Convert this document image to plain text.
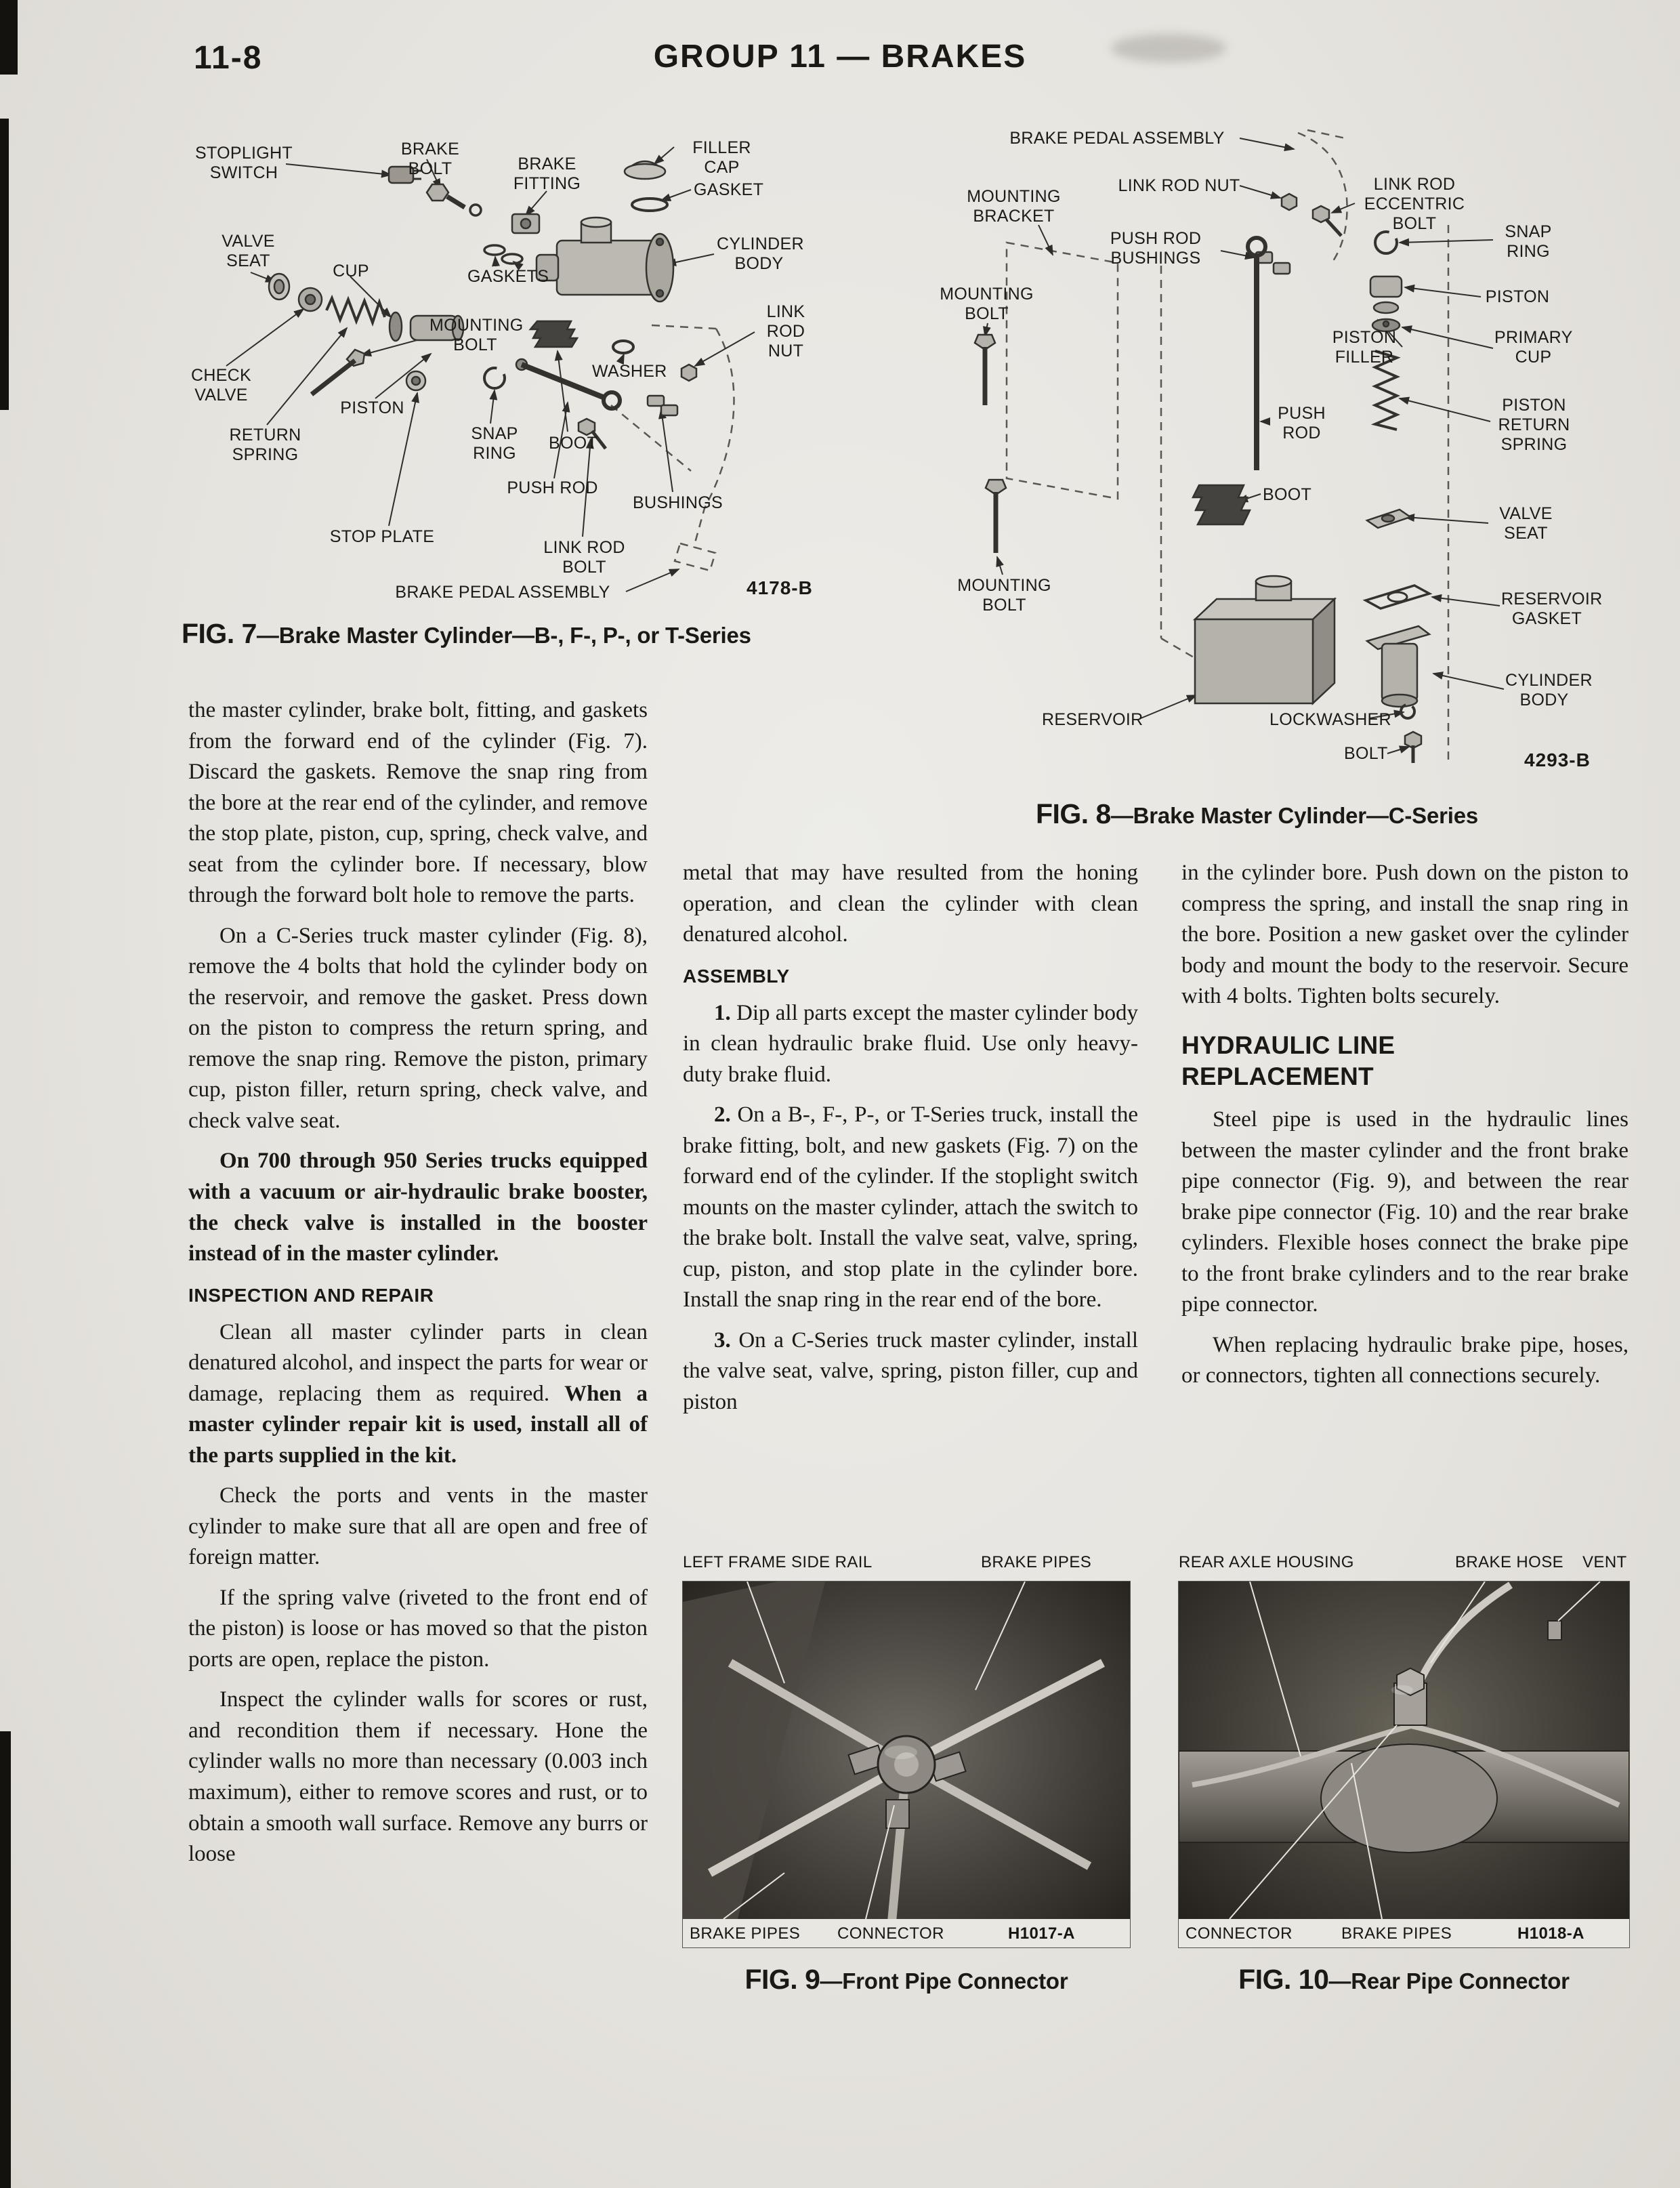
11-8	GROUP 11 — BRAKES
STOPLIGHT SWITCH
BRAKE BOLT	BRAKE FITTING
FILLER CAP
GASKET
VALVE SEAT
CUP	GASKETS
CYLINDER BODY
MOUNTING BOLT
LINK ROD NUT
CHECK VALVE
WASHER
RETURN SPRING
PISTON
SNAP RING
BOOT
PUSH ROD
BUSHINGS
STOP PLATE
LINK ROD BOLT
BRAKE PEDAL ASSEMBLY	4178-B
FIG. 7—Brake Master Cylinder—B-, F-, P-, or T-Series
BRAKE PEDAL ASSEMBLY
LINK ROD NUT	LINK ROD ECCENTRIC BOLT
MOUNTING BRACKET
PUSH ROD BUSHINGS
SNAP RING
MOUNTING BOLT
PISTON
PISTON FILLER
PRIMARY CUP
PISTON RETURN SPRING
PUSH ROD
BOOT
VALVE SEAT
MOUNTING BOLT	RESERVOIR GASKET
CYLINDER BODY
RESERVOIR	LOCKWASHER
BOLT	4293-B
FIG. 8—Brake Master Cylinder—C-Series

the master cylinder, brake bolt, fitting, and gaskets from the forward end of the cylinder (Fig. 7). Discard the gaskets. Remove the snap ring from the bore at the rear end of the cylinder, and remove the stop plate, piston, cup, spring, check valve, and seat from the cylinder bore. If necessary, blow through the forward bolt hole to remove the parts.

On a C-Series truck master cylinder (Fig. 8), remove the 4 bolts that hold the cylinder body on the reservoir, and remove the gasket. Press down on the piston to compress the return spring, and remove the snap ring. Remove the piston, primary cup, piston filler, return spring, check valve, and check valve seat.

On 700 through 950 Series trucks equipped with a vacuum or air-hydraulic brake booster, the check valve is installed in the booster instead of in the master cylinder.

INSPECTION AND REPAIR

Clean all master cylinder parts in clean denatured alcohol, and inspect the parts for wear or damage, replacing them as required. When a master cylinder repair kit is used, install all of the parts supplied in the kit.

Check the ports and vents in the master cylinder to make sure that all are open and free of foreign matter.

If the spring valve (riveted to the front end of the piston) is loose or has moved so that the piston ports are open, replace the piston.

Inspect the cylinder walls for scores or rust, and recondition them if necessary. Hone the cylinder walls no more than necessary (0.003 inch maximum), either to remove scores and rust, or to obtain a smooth wall surface. Remove any burrs or loose

metal that may have resulted from the honing operation, and clean the cylinder with clean denatured alcohol.

ASSEMBLY

1. Dip all parts except the master cylinder body in clean hydraulic brake fluid. Use only heavy-duty brake fluid.

2. On a B-, F-, P-, or T-Series truck, install the brake fitting, bolt, and new gaskets (Fig. 7) on the forward end of the cylinder. If the stoplight switch mounts on the master cylinder, attach the switch to the brake bolt. Install the valve seat, valve, spring, cup, piston, and stop plate in the cylinder bore. Install the snap ring in the rear end of the bore.

3. On a C-Series truck master cylinder, install the valve seat, valve, spring, piston filler, cup and piston

in the cylinder bore. Push down on the piston to compress the spring, and install the snap ring in the bore. Position a new gasket over the cylinder body and mount the body to the reservoir. Secure with 4 bolts. Tighten bolts securely.

HYDRAULIC LINE REPLACEMENT

Steel pipe is used in the hydraulic lines between the master cylinder and the front brake pipe connector (Fig. 9), and between the rear brake pipe connector (Fig. 10) and the rear brake cylinders. Flexible hoses connect the brake pipe to the front brake cylinders and to the rear brake pipe connector.

When replacing hydraulic brake pipe, hoses, or connectors, tighten all connections securely.

LEFT FRAME SIDE RAIL	BRAKE PIPES
BRAKE PIPES CONNECTOR	H1017-A
FIG. 9—Front Pipe Connector
REAR AXLE HOUSING	BRAKE HOSE VENT
CONNECTOR	BRAKE PIPES	H1018-A
FIG. 10—Rear Pipe Connector
